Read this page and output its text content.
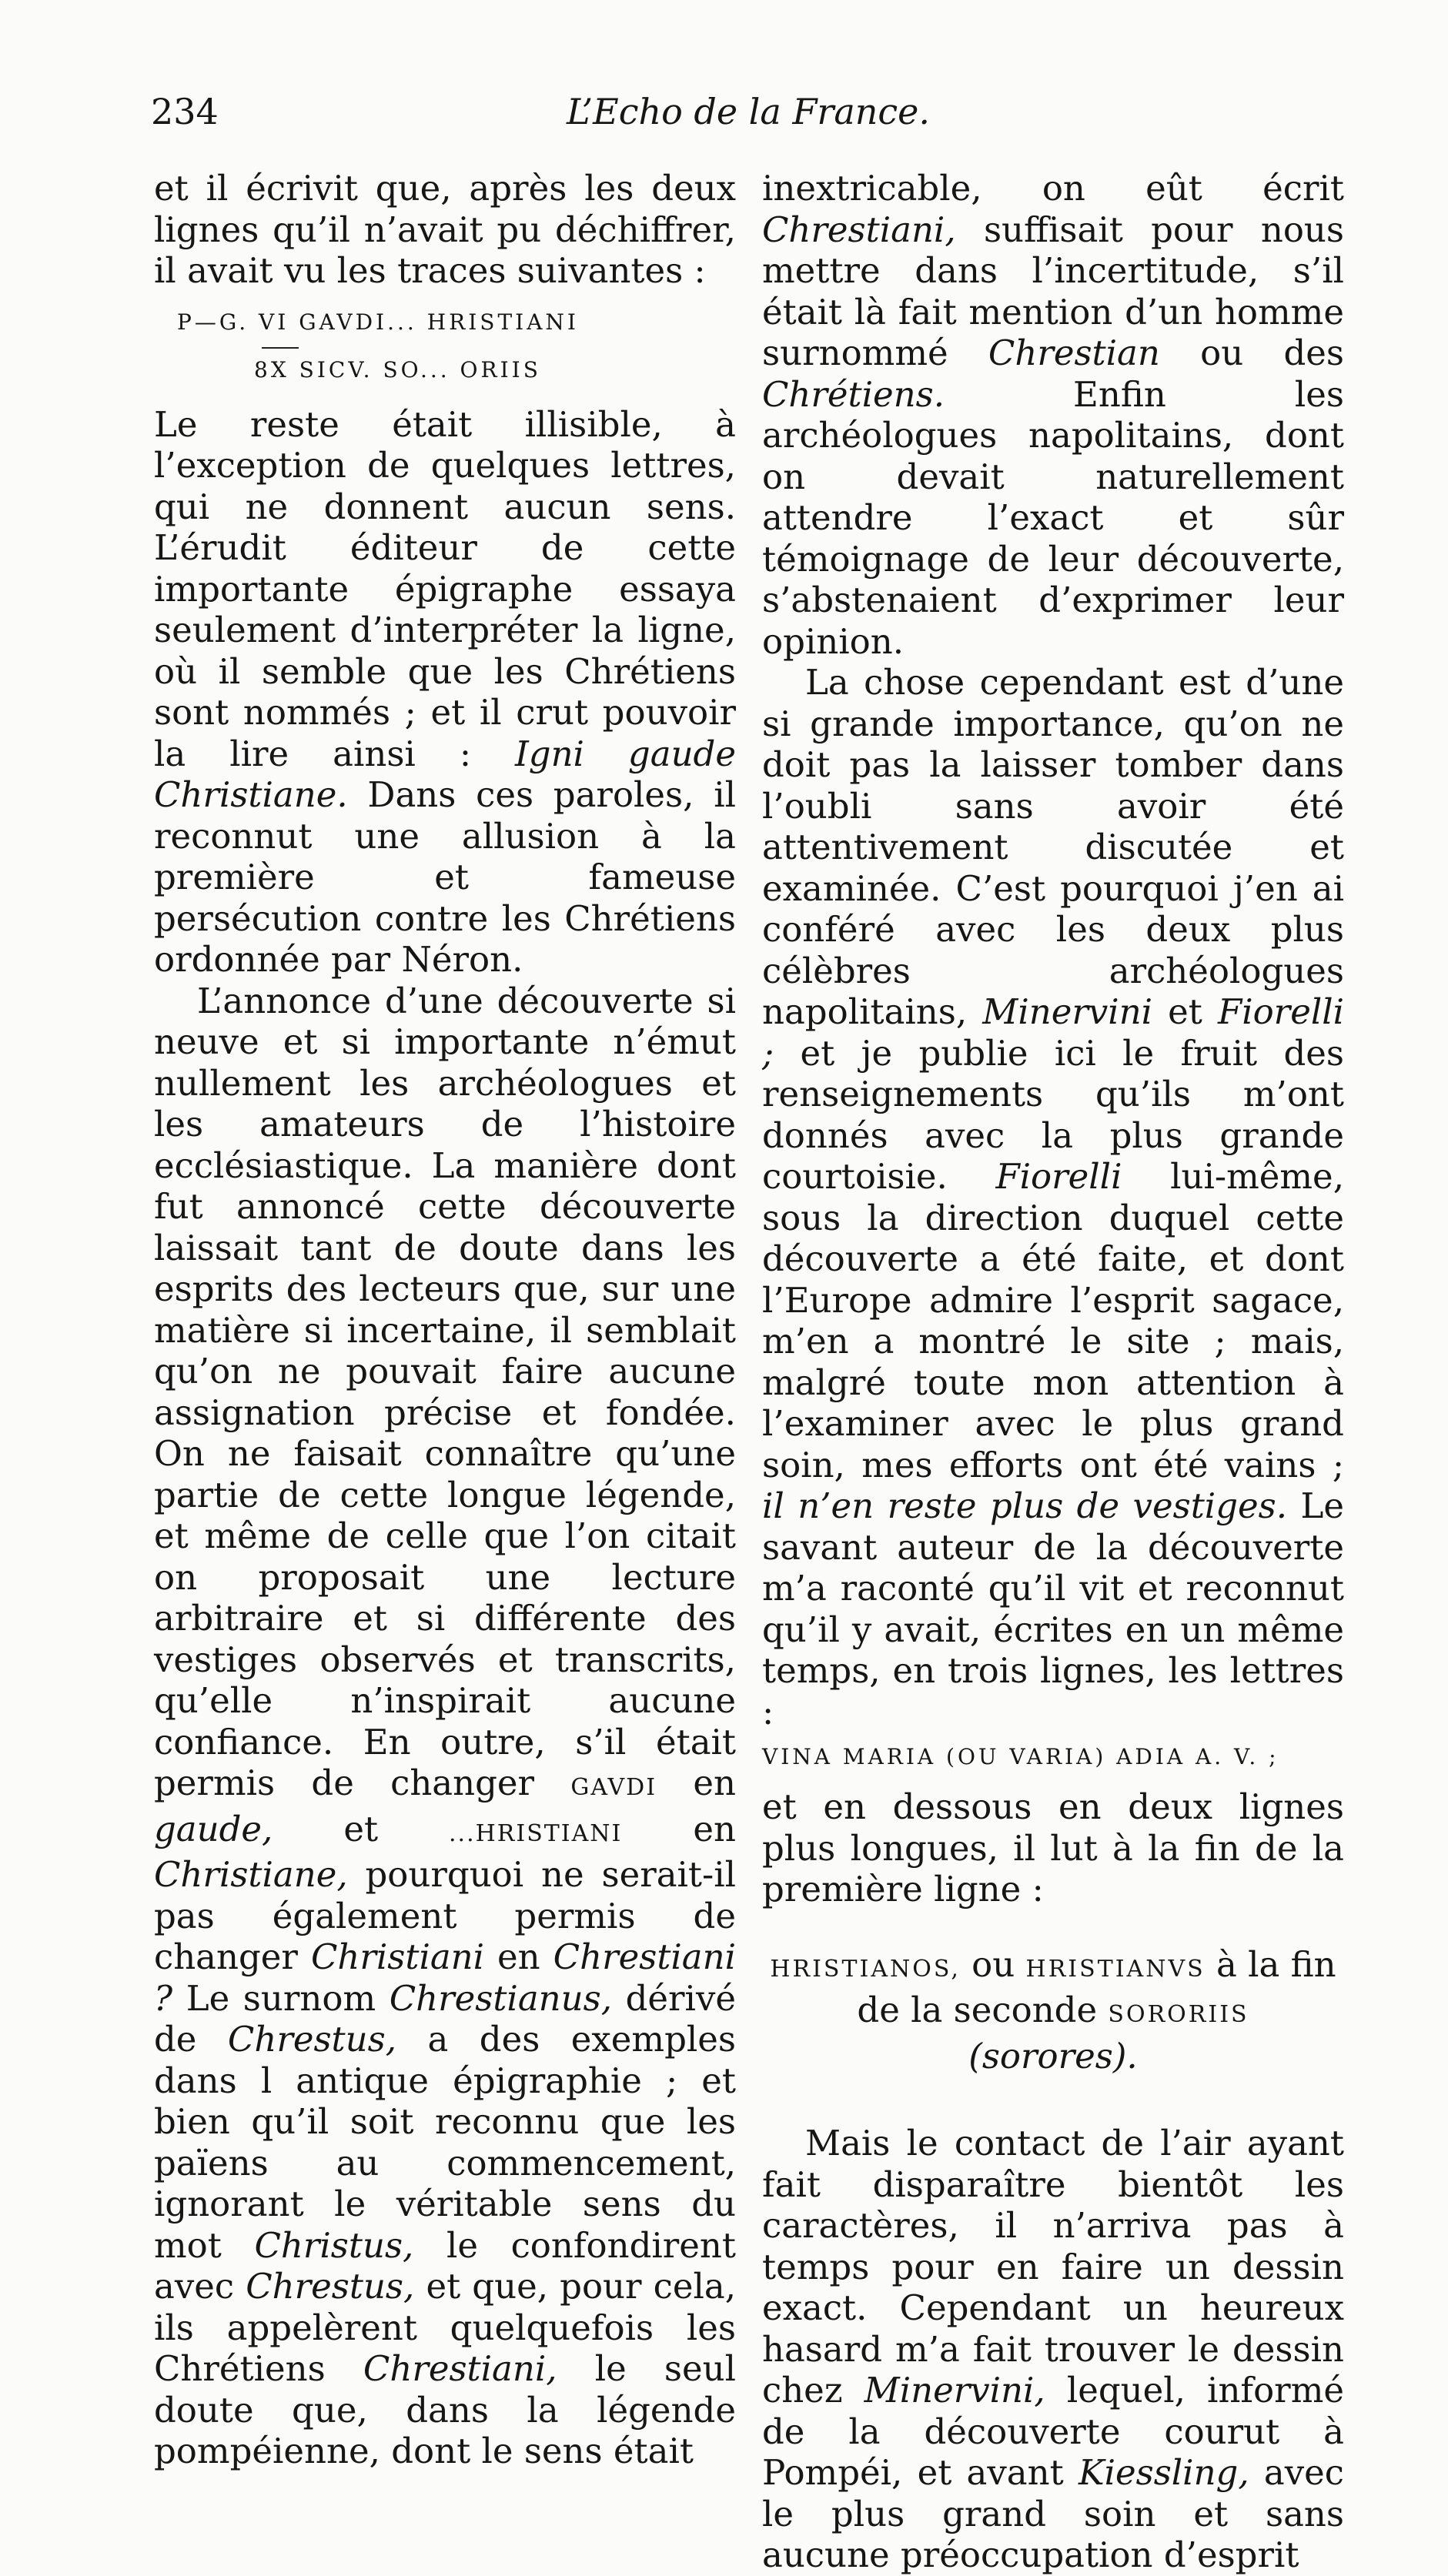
234	L’Echo de la France.

et il écrivit que, après les deux lignes qu’il n’avait pu déchiffrer, il avait vu les traces suivantes :

P—G. VI GAVDI... HRISTIANI
8X SICV. SO... ORIIS

Le reste était illisible, à l’exception de quelques lettres, qui ne donnent aucun sens. L’érudit éditeur de cette importante épigraphe essaya seulement d’interpréter la ligne, où il semble que les Chrétiens sont nommés ; et il crut pouvoir la lire ainsi : Igni gaude Christiane. Dans ces paroles, il reconnut une allusion à la première et fameuse persécution contre les Chrétiens ordonnée par Néron.

L’annonce d’une découverte si neuve et si importante n’émut nullement les archéologues et les amateurs de l’histoire ecclésiastique. La manière dont fut annoncé cette découverte laissait tant de doute dans les esprits des lecteurs que, sur une matière si incertaine, il semblait qu’on ne pouvait faire aucune assignation précise et fondée. On ne faisait connaître qu’une partie de cette longue légende, et même de celle que l’on citait on proposait une lecture arbitraire et si différente des vestiges observés et transcrits, qu’elle n’inspirait aucune confiance. En outre, s’il était permis de changer GAVDI en gaude, et ...HRISTIANI en Christiane, pourquoi ne serait-il pas également permis de changer Christiani en Chrestiani ? Le surnom Chrestianus, dérivé de Chrestus, a des exemples dans l antique épigraphie ; et bien qu’il soit reconnu que les païens au commencement, ignorant le véritable sens du mot Christus, le confondirent avec Chrestus, et que, pour cela, ils appelèrent quelquefois les Chrétiens Chrestiani, le seul doute que, dans la légende pompéienne, dont le sens était

inextricable, on eût écrit Chrestiani, suffisait pour nous mettre dans l’incertitude, s’il était là fait mention d’un homme surnommé Chrestian ou des Chrétiens. Enfin les archéologues napolitains, dont on devait naturellement attendre l’exact et sûr témoignage de leur découverte, s’abstenaient d’exprimer leur opinion.

La chose cependant est d’une si grande importance, qu’on ne doit pas la laisser tomber dans l’oubli sans avoir été attentivement discutée et examinée. C’est pourquoi j’en ai conféré avec les deux plus célèbres archéologues napolitains, Minervini et Fiorelli ; et je publie ici le fruit des renseignements qu’ils m’ont donnés avec la plus grande courtoisie. Fiorelli lui-même, sous la direction duquel cette découverte a été faite, et dont l’Europe admire l’esprit sagace, m’en a montré le site ; mais, malgré toute mon attention à l’examiner avec le plus grand soin, mes efforts ont été vains ; il n’en reste plus de vestiges. Le savant auteur de la découverte m’a raconté qu’il vit et reconnut qu’il y avait, écrites en un même temps, en trois lignes, les lettres :

VINA MARIA (OU VARIA) ADIA A. V. ;

et en dessous en deux lignes plus longues, il lut à la fin de la première ligne :

HRISTIANOS, ou HRISTIANVS à la fin de la seconde SORORIIS
(sorores).

Mais le contact de l’air ayant fait disparaître bientôt les caractères, il n’arriva pas à temps pour en faire un dessin exact. Cependant un heureux hasard m’a fait trouver le dessin chez Minervini, lequel, informé de la découverte courut à Pompéi, et avant Kiessling, avec le plus grand soin et sans aucune préoccupation d’esprit
